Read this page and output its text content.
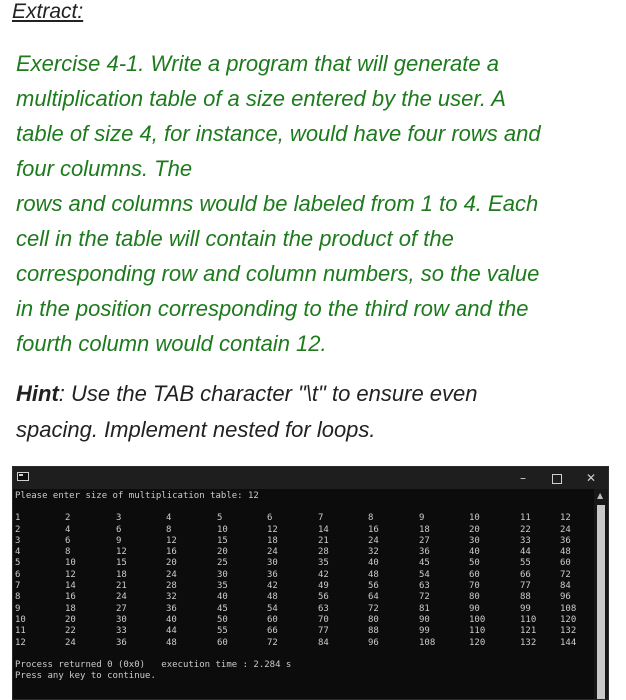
Extract:

Exercise 4-1. Write a program that will generate a

multiplication table of a size entered by the user. A

table of size 4, for instance, would have four rows and

four columns. The

rows and columns would be labeled from 1 to 4. Each

cell in the table will contain the product of the

corresponding row and column numbers, so the value

in the position corresponding to the third row and the

fourth column would contain 12.

Hint: Use the TAB character "\t" to ensure even
spacing. Implement nested for loops.
–	✕
Please enter size of multiplication table: 12
1	2	3	4	5	6	7	8	9	10	11	12
2	4	6	8	10	12	14	16	18	20	22	24
3	6	9	12	15	18	21	24	27	30	33	36
4	8	12	16	20	24	28	32	36	40	44	48
5	10	15	20	25	30	35	40	45	50	55	60
6	12	18	24	30	36	42	48	54	60	66	72
7	14	21	28	35	42	49	56	63	70	77	84
8	16	24	32	40	48	56	64	72	80	88	96
9	18	27	36	45	54	63	72	81	90	99	108
10	20	30	40	50	60	70	80	90	100	110	120
11	22	33	44	55	66	77	88	99	110	121	132
12	24	36	48	60	72	84	96	108	120	132	144

Process returned 0 (0x0)   execution time : 2.284 s
Press any key to continue.
▲
